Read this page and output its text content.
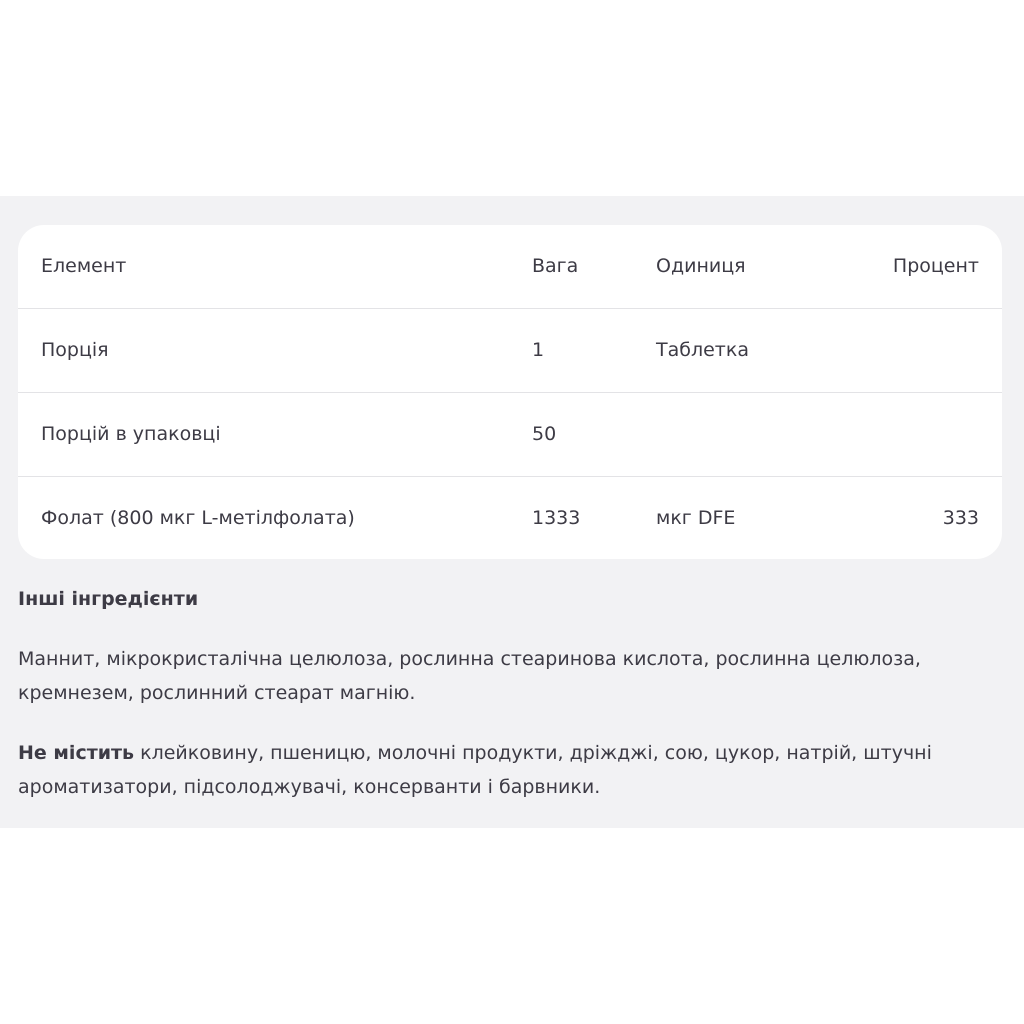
Елемент	Вага	Одиниця	Процент
Порція	1	Таблетка
Порцій в упаковці	50
Фолат (800 мкг L-метілфолата)	1333	мкг DFE	333
Інші інгредієнти
Маннит, мікрокристалічна целюлоза, рослинна стеаринова кислота, рослинна целюлоза, кремнезем, рослинний стеарат магнію.
Не містить клейковину, пшеницю, молочні продукти, дріжджі, сою, цукор, натрій, штучні ароматизатори, підсолоджувачі, консерванти і барвники.
